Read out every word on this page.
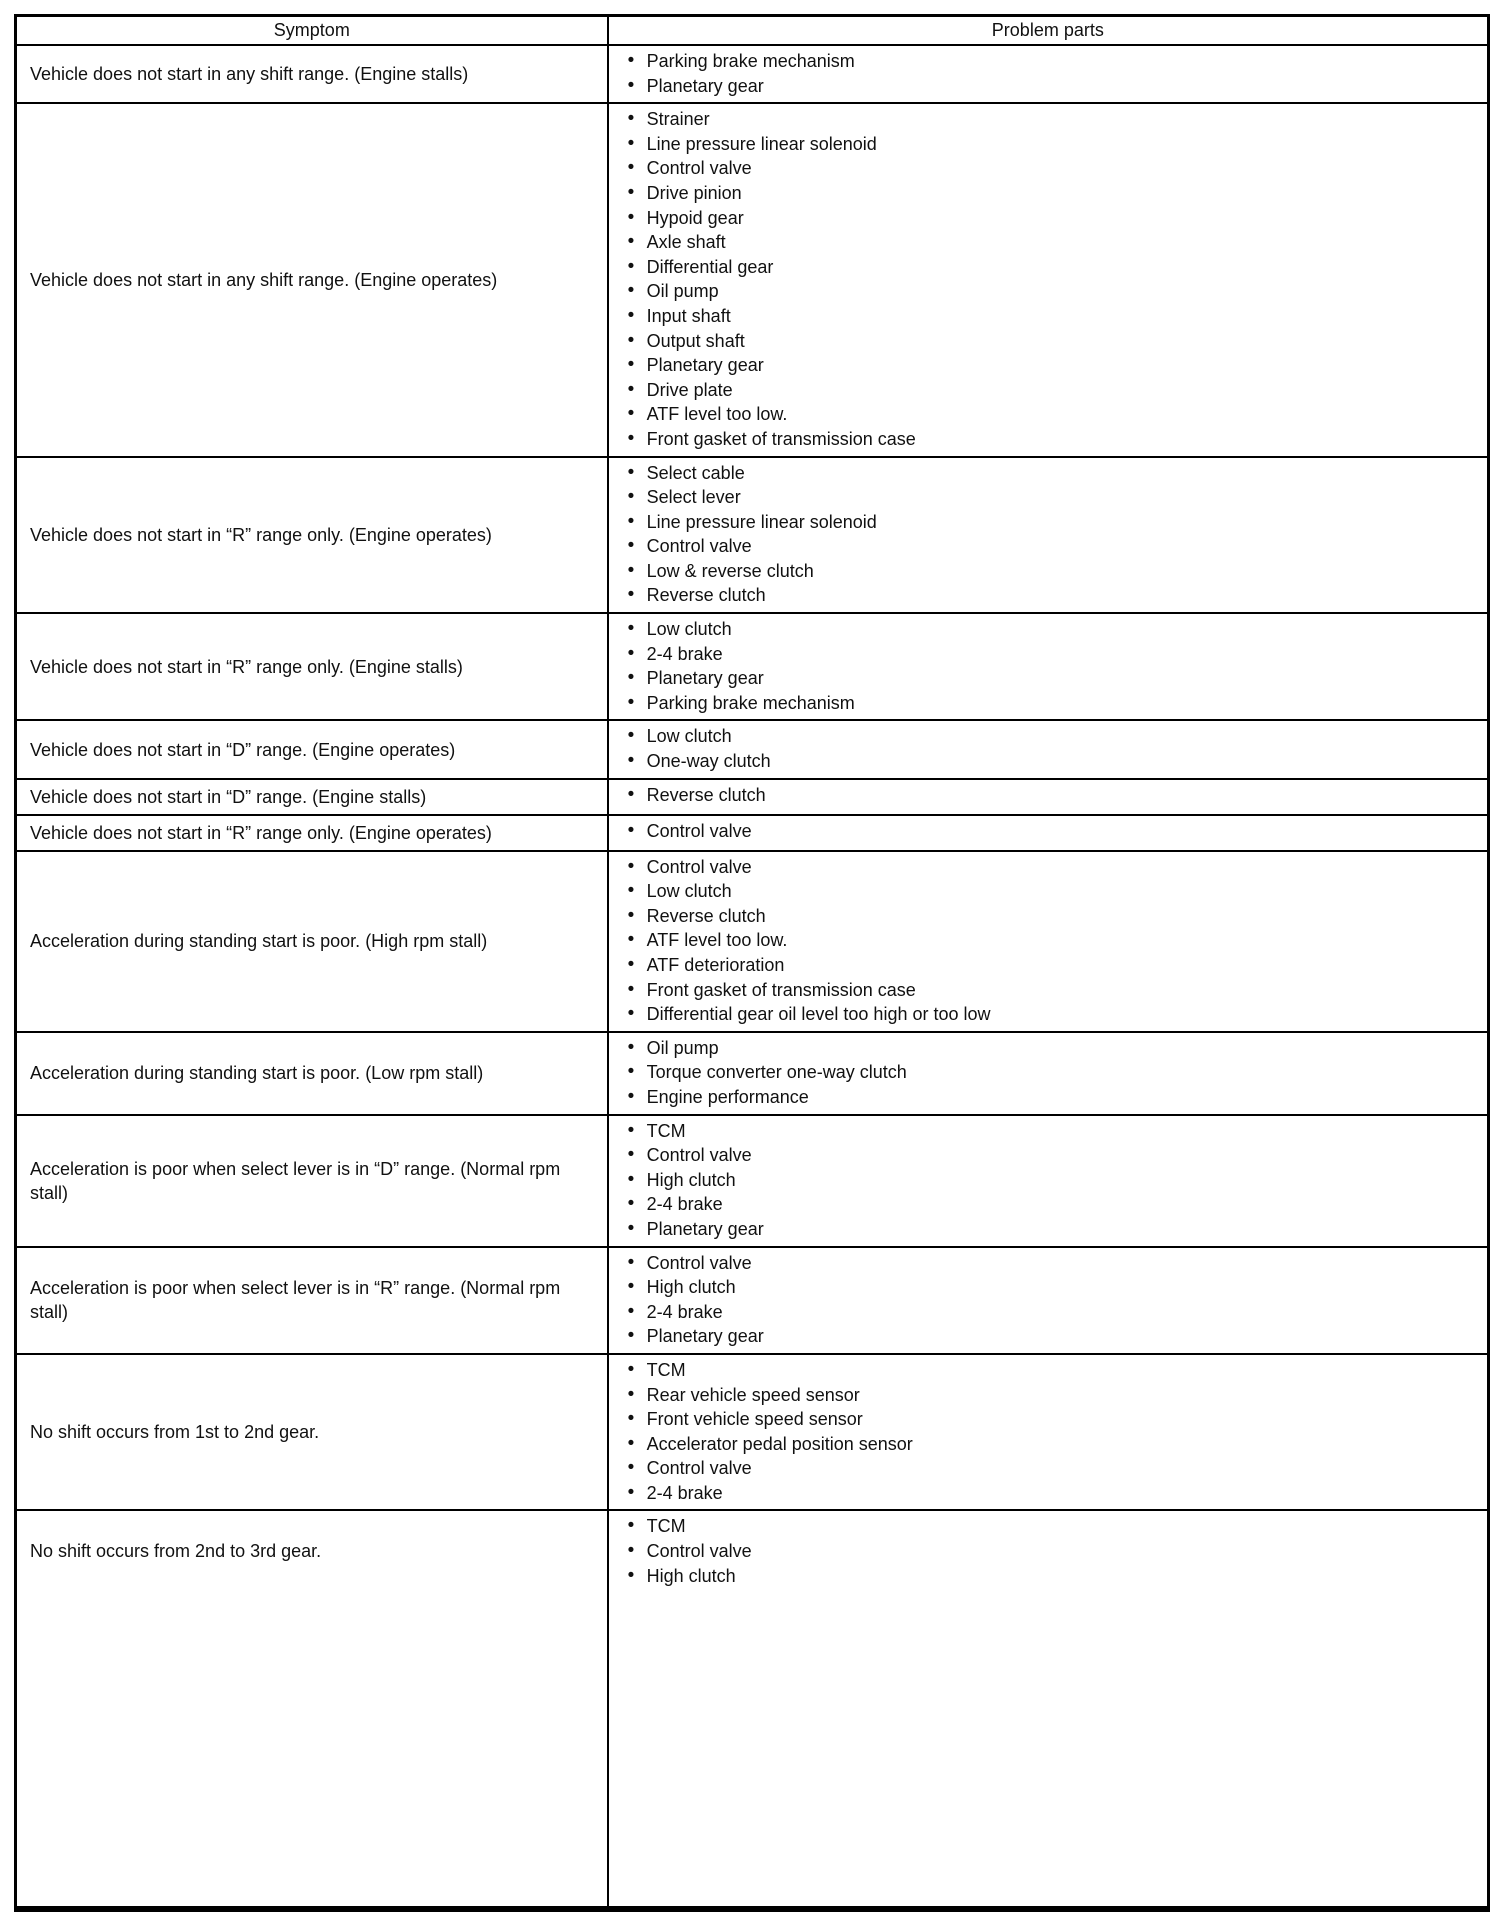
Symptom	Problem parts
Vehicle does not start in any shift range. (Engine stalls)	
• Parking brake mechanism
• Planetary gear

Vehicle does not start in any shift range. (Engine operates)	
• Strainer
• Line pressure linear solenoid
• Control valve
• Drive pinion
• Hypoid gear
• Axle shaft
• Differential gear
• Oil pump
• Input shaft
• Output shaft
• Planetary gear
• Drive plate
• ATF level too low.
• Front gasket of transmission case

Vehicle does not start in “R” range only. (Engine operates)	
• Select cable
• Select lever
• Line pressure linear solenoid
• Control valve
• Low & reverse clutch
• Reverse clutch

Vehicle does not start in “R” range only. (Engine stalls)	
• Low clutch
• 2-4 brake
• Planetary gear
• Parking brake mechanism

Vehicle does not start in “D” range. (Engine operates)	
• Low clutch
• One-way clutch

Vehicle does not start in “D” range. (Engine stalls)	
•Reverse clutch

Vehicle does not start in “R” range only. (Engine operates)	
•Control valve

Acceleration during standing start is poor. (High rpm stall)	
• Control valve
• Low clutch
• Reverse clutch
• ATF level too low.
• ATF deterioration
• Front gasket of transmission case
• Differential gear oil level too high or too low

Acceleration during standing start is poor. (Low rpm stall)	
• Oil pump
• Torque converter one-way clutch
• Engine performance

Acceleration is poor when select lever is in “D” range. (Normal rpm stall)	
• TCM
• Control valve
• High clutch
• 2-4 brake
• Planetary gear

Acceleration is poor when select lever is in “R” range. (Normal rpm stall)	
• Control valve
• High clutch
• 2-4 brake
• Planetary gear

No shift occurs from 1st to 2nd gear.	
• TCM
• Rear vehicle speed sensor
• Front vehicle speed sensor
• Accelerator pedal position sensor
• Control valve
• 2-4 brake

No shift occurs from 2nd to 3rd gear.	
• TCM
• Control valve
• High clutch
